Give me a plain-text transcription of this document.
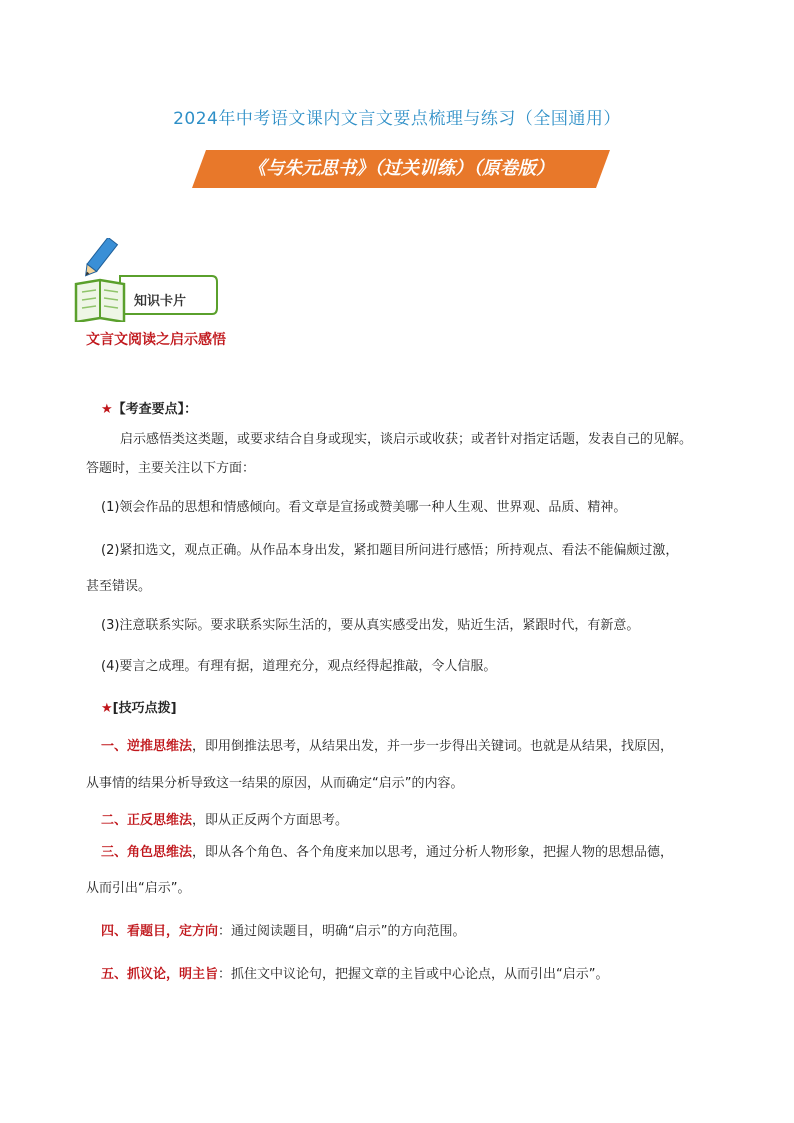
2024年中考语文课内文言文要点梳理与练习（全国通用）
《与朱元思书》（过关训练）（原卷版）
知识卡片
文言文阅读之启示感悟
★【考查要点】：
启示感悟类这类题，或要求结合自身或现实，谈启示或收获；或者针对指定话题，发表自己的见解。
答题时，主要关注以下方面：
(1)领会作品的思想和情感倾向。看文章是宣扬或赞美哪一种人生观、世界观、品质、精神。
(2)紧扣选文，观点正确。从作品本身出发，紧扣题目所问进行感悟；所持观点、看法不能偏颇过激，
甚至错误。
(3)注意联系实际。要求联系实际生活的，要从真实感受出发，贴近生活，紧跟时代，有新意。
(4)要言之成理。有理有据，道理充分，观点经得起推敲，令人信服。
★[技巧点拨]
一、逆推思维法，即用倒推法思考，从结果出发，并一步一步得出关键词。也就是从结果，找原因，
从事情的结果分析导致这一结果的原因，从而确定“启示”的内容。
二、正反思维法，即从正反两个方面思考。
三、角色思维法，即从各个角色、各个角度来加以思考，通过分析人物形象，把握人物的思想品德，
从而引出“启示”。
四、看题目，定方向：通过阅读题目，明确“启示”的方向范围。
五、抓议论，明主旨：抓住文中议论句，把握文章的主旨或中心论点，从而引出“启示”。
